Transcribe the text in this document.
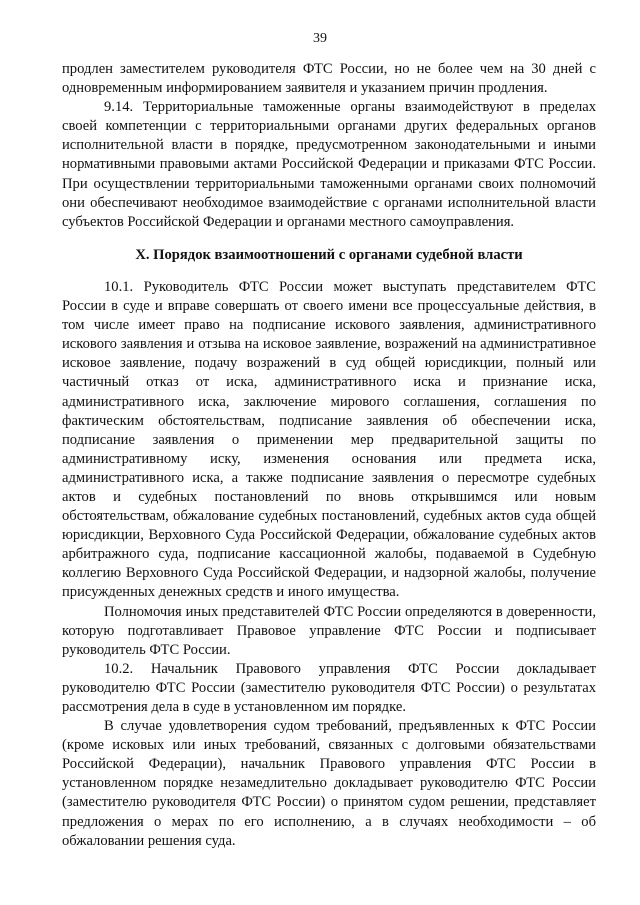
39

продлен заместителем руководителя ФТС России, но не более чем на 30 дней с одновременным информированием заявителя и указанием причин продления.

9.14. Территориальные таможенные органы взаимодействуют в пределах своей компетенции с территориальными органами других федеральных органов исполнительной власти в порядке, предусмотренном законодательными и иными нормативными правовыми актами Российской Федерации и приказами ФТС России. При осуществлении территориальными таможенными органами своих полномочий они обеспечивают необходимое взаимодействие с органами исполнительной власти субъектов Российской Федерации и органами местного самоуправления.

X. Порядок взаимоотношений с органами судебной власти

10.1. Руководитель ФТС России может выступать представителем ФТС России в суде и вправе совершать от своего имени все процессуальные действия, в том числе имеет право на подписание искового заявления, административного искового заявления и отзыва на исковое заявление, возражений на административное исковое заявление, подачу возражений в суд общей юрисдикции, полный или частичный отказ от иска, административного иска и признание иска, административного иска, заключение мирового соглашения, соглашения по фактическим обстоятельствам, подписание заявления об обеспечении иска, подписание заявления о применении мер предварительной защиты по административному иску, изменения основания или предмета иска, административного иска, а также подписание заявления о пересмотре судебных актов и судебных постановлений по вновь открывшимся или новым обстоятельствам, обжалование судебных постановлений, судебных актов суда общей юрисдикции, Верховного Суда Российской Федерации, обжалование судебных актов арбитражного суда, подписание кассационной жалобы, подаваемой в Судебную коллегию Верховного Суда Российской Федерации, и надзорной жалобы, получение присужденных денежных средств и иного имущества.

Полномочия иных представителей ФТС России определяются в доверенности, которую подготавливает Правовое управление ФТС России и подписывает руководитель ФТС России.

10.2. Начальник Правового управления ФТС России докладывает руководителю ФТС России (заместителю руководителя ФТС России) о результатах рассмотрения дела в суде в установленном им порядке.

В случае удовлетворения судом требований, предъявленных к ФТС России (кроме исковых или иных требований, связанных с долговыми обязательствами Российской Федерации), начальник Правового управления ФТС России в установленном порядке незамедлительно докладывает руководителю ФТС России (заместителю руководителя ФТС России) о принятом судом решении, представляет предложения о мерах по его исполнению, а в случаях необходимости – об обжаловании решения суда.
